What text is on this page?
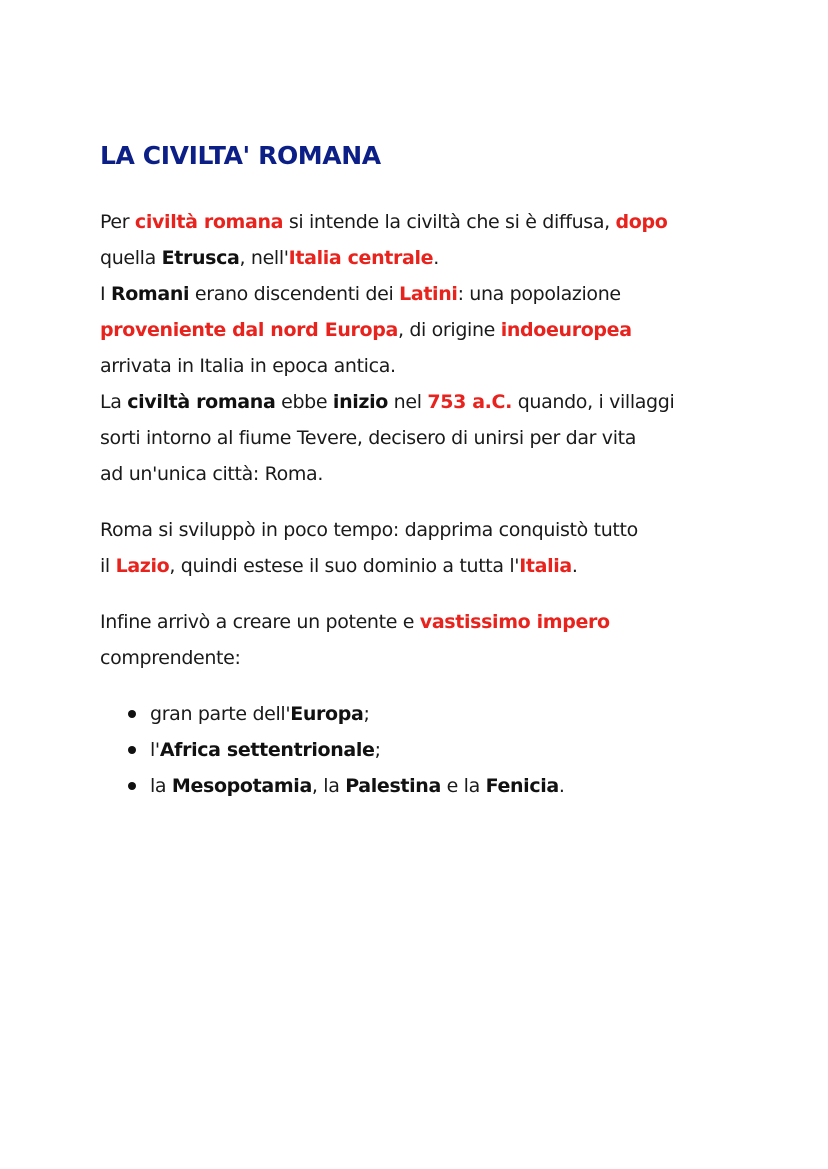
LA CIVILTA' ROMANA

Per civiltà romana si intende la civiltà che si è diffusa, dopo
quella Etrusca, nell'Italia centrale.
I Romani erano discendenti dei Latini: una popolazione
proveniente dal nord Europa, di origine indoeuropea
arrivata in Italia in epoca antica.
La civiltà romana ebbe inizio nel 753 a.C. quando, i villaggi
sorti intorno al fiume Tevere, decisero di unirsi per dar vita
ad un'unica città: Roma.

Roma si sviluppò in poco tempo: dapprima conquistò tutto
il Lazio, quindi estese il suo dominio a tutta l'Italia.

Infine arrivò a creare un potente e vastissimo impero
comprendente:

gran parte dell'Europa;
l'Africa settentrionale;
la Mesopotamia, la Palestina e la Fenicia.
